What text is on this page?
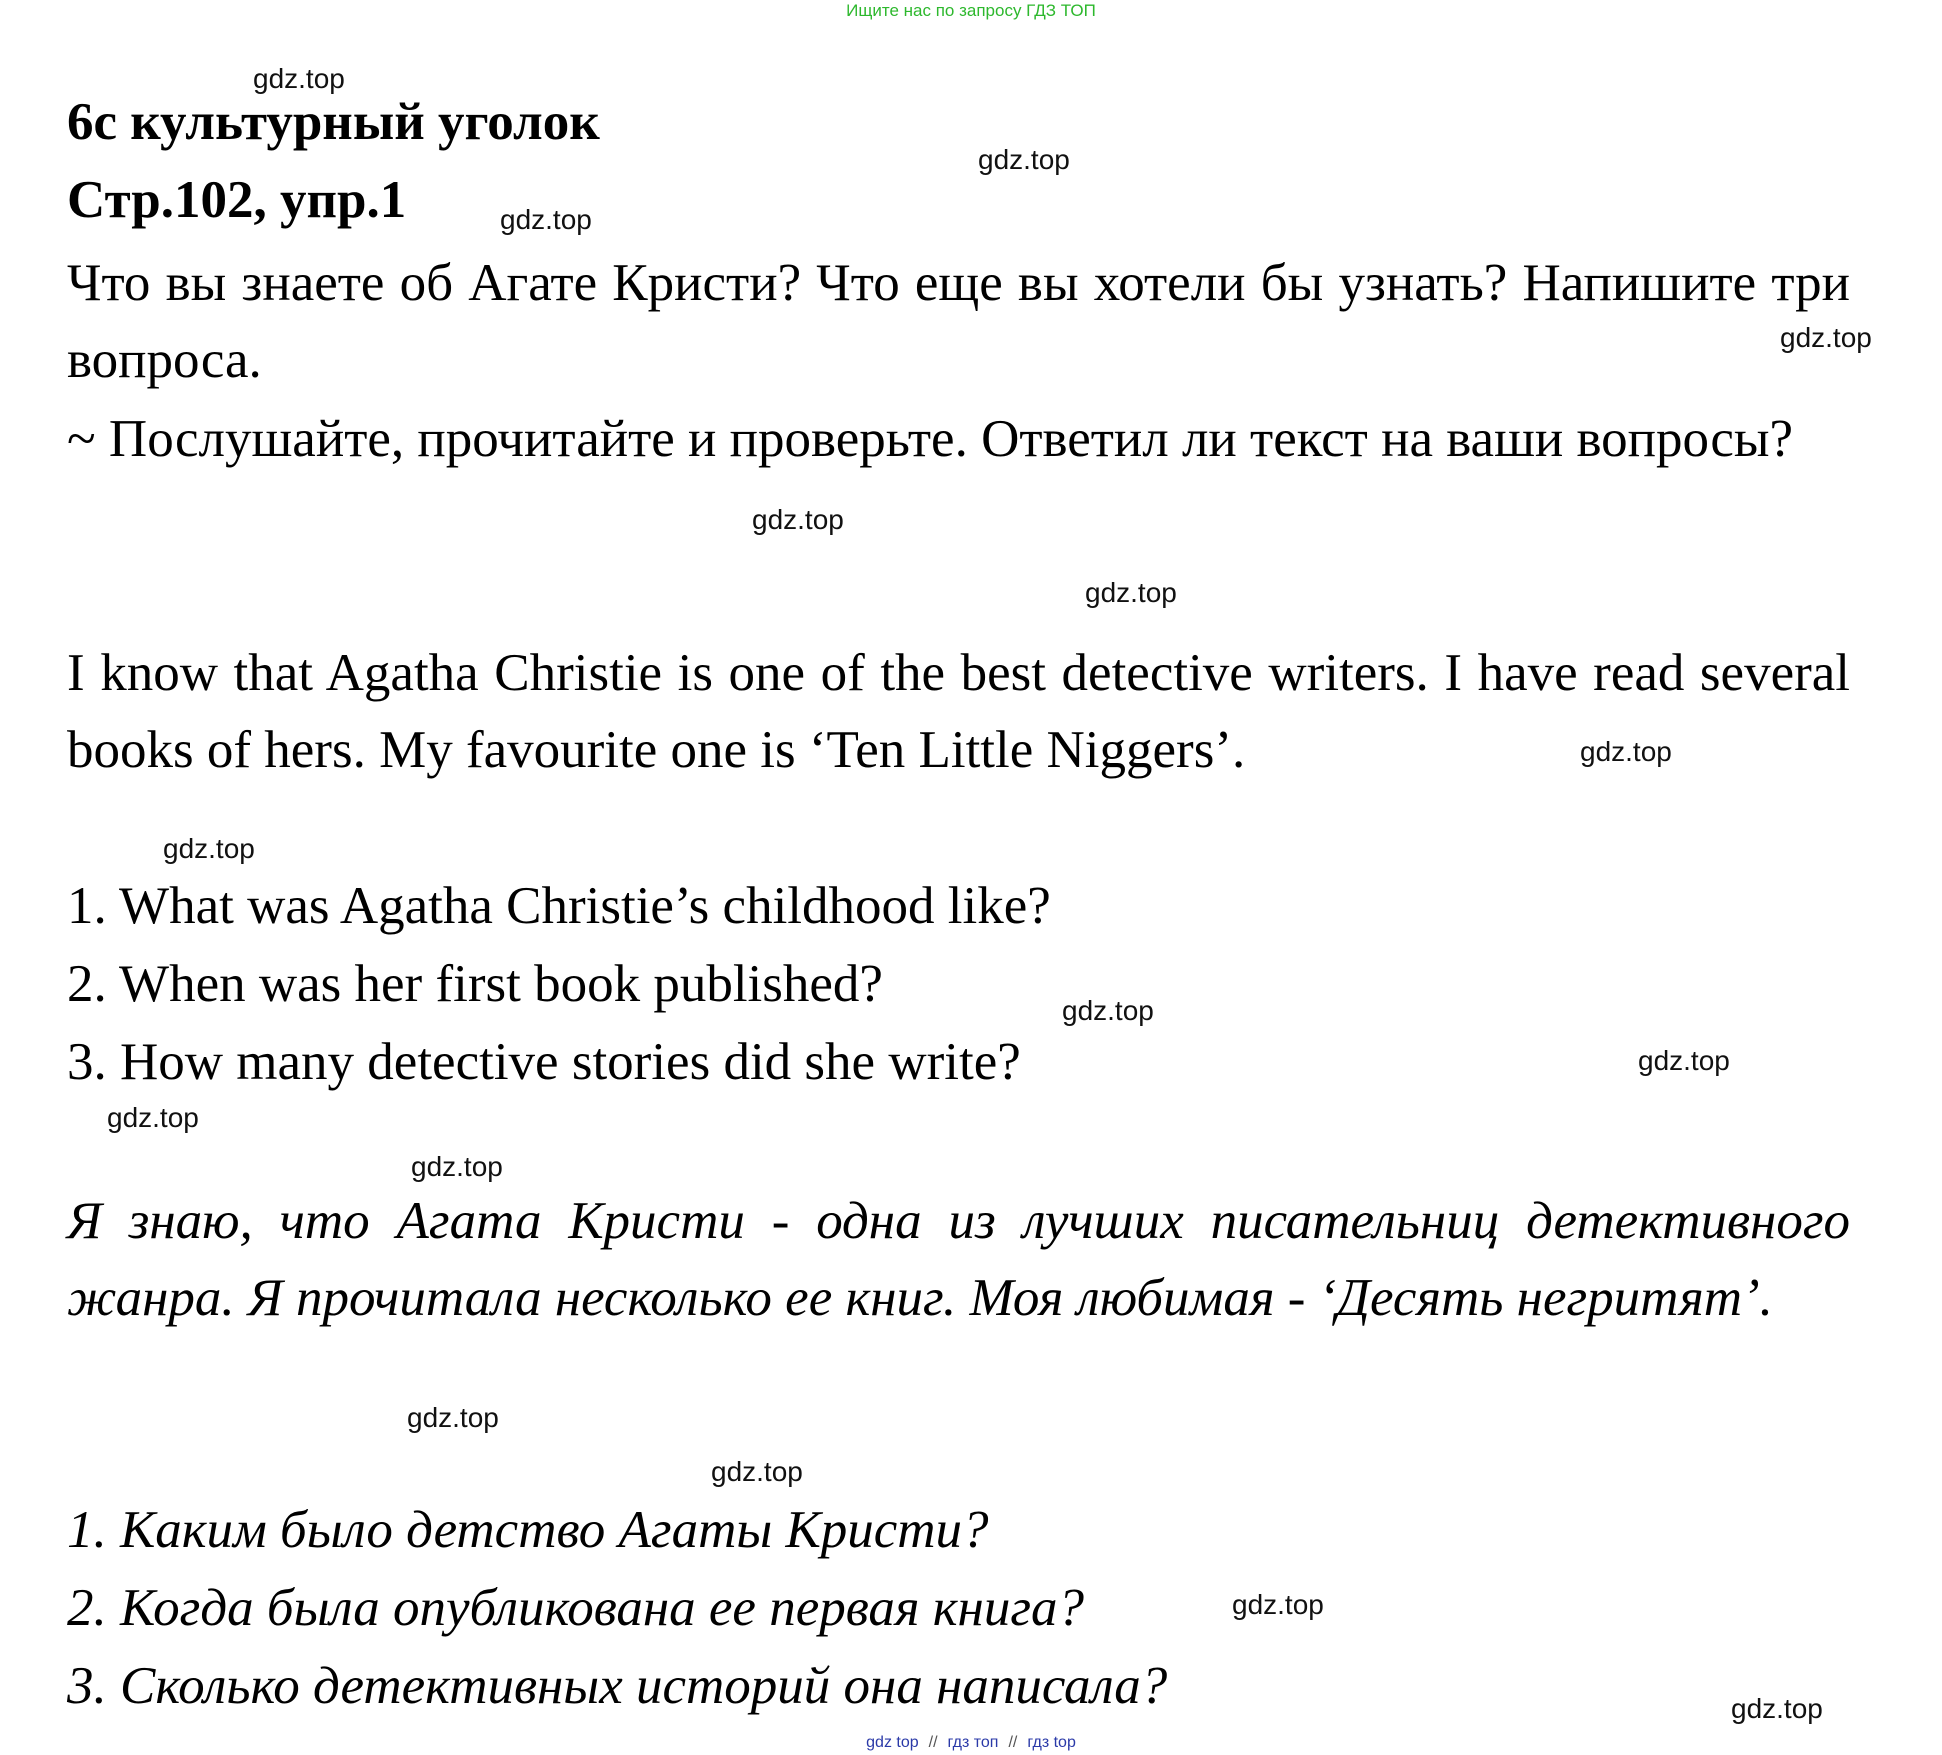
Ищите нас по запросу ГДЗ ТОП
6c культурный уголок
Стр.102, упр.1
Что вы знаете об Агате Кристи? Что еще вы хотели бы узнать? Напишите три вопроса.
~ Послушайте, прочитайте и проверьте. Ответил ли текст на ваши вопросы?
I know that Agatha Christie is one of the best detective writers. I have read several books of hers. My favourite one is ‘Ten Little Niggers’.
1. What was Agatha Christie’s childhood like?
2. When was her first book published?
3. How many detective stories did she write?
Я знаю, что Агата Кристи - одна из лучших писательниц детективного жанра. Я прочитала несколько ее книг. Моя любимая - ‘Десять негритят’.
1. Каким было детство Агаты Кристи?
2. Когда была опубликована ее первая книга?
3. Сколько детективных историй она написала?
gdz.top
gdz.top
gdz.top
gdz.top
gdz.top
gdz.top
gdz.top
gdz.top
gdz.top
gdz.top
gdz.top
gdz.top
gdz.top
gdz.top
gdz.top
gdz.top
gdz top // гдз топ // гдз top
